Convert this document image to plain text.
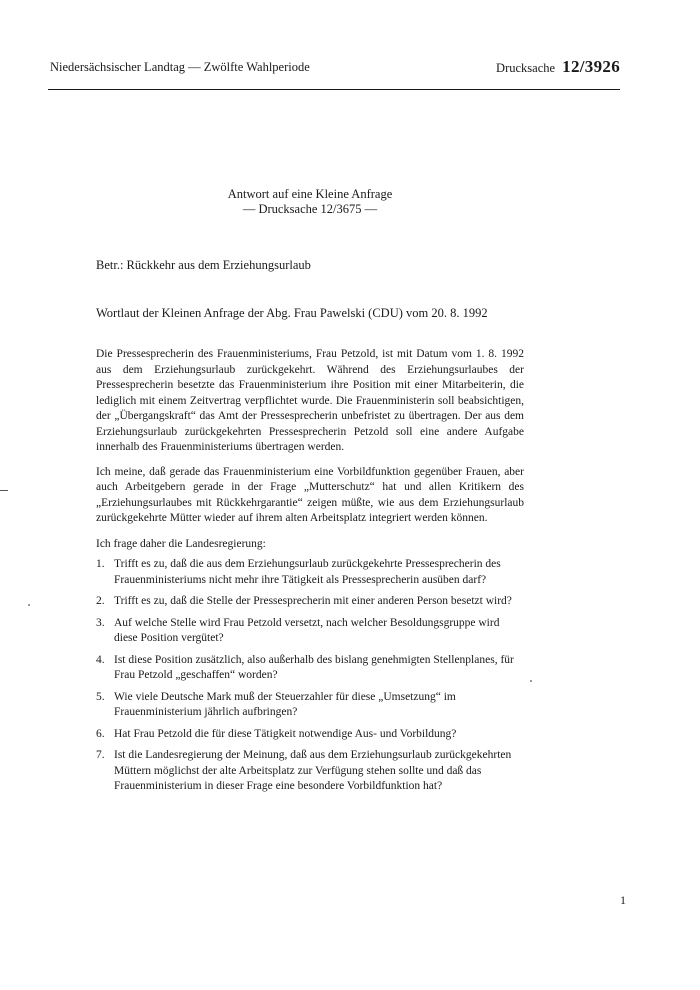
Niedersächsischer Landtag — Zwölfte Wahlperiode	Drucksache 12/3926
Antwort auf eine Kleine Anfrage
— Drucksache 12/3675 —
Betr.: Rückkehr aus dem Erziehungsurlaub
Wortlaut der Kleinen Anfrage der Abg. Frau Pawelski (CDU) vom 20. 8. 1992

Die Pressesprecherin des Frauenministeriums, Frau Petzold, ist mit Datum vom 1. 8. 1992 aus dem Erziehungsurlaub zurückgekehrt. Während des Erziehungsurlaubes der Pressesprecherin besetzte das Frauenministerium ihre Position mit einer Mitarbeiterin, die lediglich mit einem Zeitvertrag verpflichtet wurde. Die Frauenministerin soll beabsichtigen, der „Übergangskraft“ das Amt der Pressesprecherin unbefristet zu übertragen. Der aus dem Erziehungsurlaub zurückgekehrten Pressesprecherin Petzold soll eine andere Aufgabe innerhalb des Frauenministeriums übertragen werden.

Ich meine, daß gerade das Frauenministerium eine Vorbildfunktion gegenüber Frauen, aber auch Arbeitgebern gerade in der Frage „Mutterschutz“ hat und allen Kritikern des „Erziehungsurlaubes mit Rückkehrgarantie“ zeigen müßte, wie aus dem Erziehungsurlaub zurückgekehrte Mütter wieder auf ihrem alten Arbeitsplatz integriert werden können.

Ich frage daher die Landesregierung:
1. Trifft es zu, daß die aus dem Erziehungsurlaub zurückgekehrte Pressesprecherin des Frauenministeriums nicht mehr ihre Tätigkeit als Pressesprecherin ausüben darf?
2. Trifft es zu, daß die Stelle der Pressesprecherin mit einer anderen Person besetzt wird?
3. Auf welche Stelle wird Frau Petzold versetzt, nach welcher Besoldungsgruppe wird diese Position vergütet?
4. Ist diese Position zusätzlich, also außerhalb des bislang genehmigten Stellenplanes, für Frau Petzold „geschaffen“ worden?
5. Wie viele Deutsche Mark muß der Steuerzahler für diese „Umsetzung“ im Frauenministerium jährlich aufbringen?
6. Hat Frau Petzold die für diese Tätigkeit notwendige Aus- und Vorbildung?
7. Ist die Landesregierung der Meinung, daß aus dem Erziehungsurlaub zurückgekehrten Müttern möglichst der alte Arbeitsplatz zur Verfügung stehen sollte und daß das Frauenministerium in dieser Frage eine besondere Vorbildfunktion hat?
1
